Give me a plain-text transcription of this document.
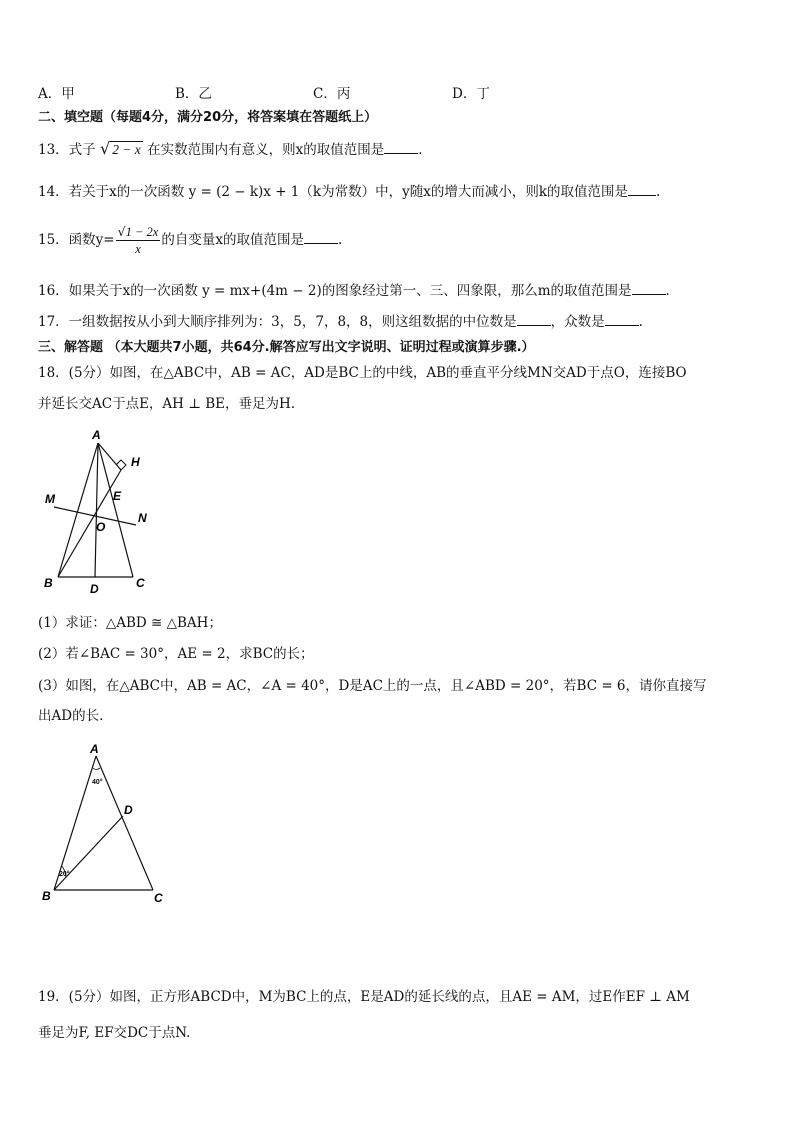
A．甲	B．乙	C．丙	D．丁
二、填空题（每题4分，满分20分，将答案填在答题纸上）
13．式子 √ 2 − x 在实数范围内有意义，则x的取值范围是	.
14．若关于x的一次函数 y = (2 − k)x + 1（k为常数）中，y随x的增大而减小，则k的取值范围是 .
15．函数$y= \frac{√1 - 2x}{x}$ 的自变量x的取值范围是	.
16．如果关于x的一次函数 y = mx+(4m − 2)的图象经过第一、三、四象限，那么m的取值范围是	.
17．一组数据按从小到大顺序排列为：3，5，7，8，8，则这组数据的中位数是	，众数是	.
三、解答题 （本大题共7小题，共64分.解答应写出文字说明、证明过程或演算步骤.）
18．(5分）如图，在△ABC中，AB = AC，AD是BC上的中线，AB的垂直平分线MN交AD于点O，连接BO
并延长交AC于点E，AH ⊥ BE，垂足为H.
A
H
M	E
O
N
B	D	C
(1）求证：△ABD ≅ △BAH；
(2）若∠BAC = 30°，AE = 2，求BC的长；
(3）如图，在△ABC中，AB = AC，∠A = 40°，D是AC上的一点，且∠ABD = 20°，若BC = 6，请你直接写
出AD的长.
A
D
B	C
40°
20°
19．(5分）如图，正方形ABCD中，M为BC上的点，E是AD的延长线的点，且AE = AM，过E作EF ⊥ AM
垂足为F, EF交DC于点N.
